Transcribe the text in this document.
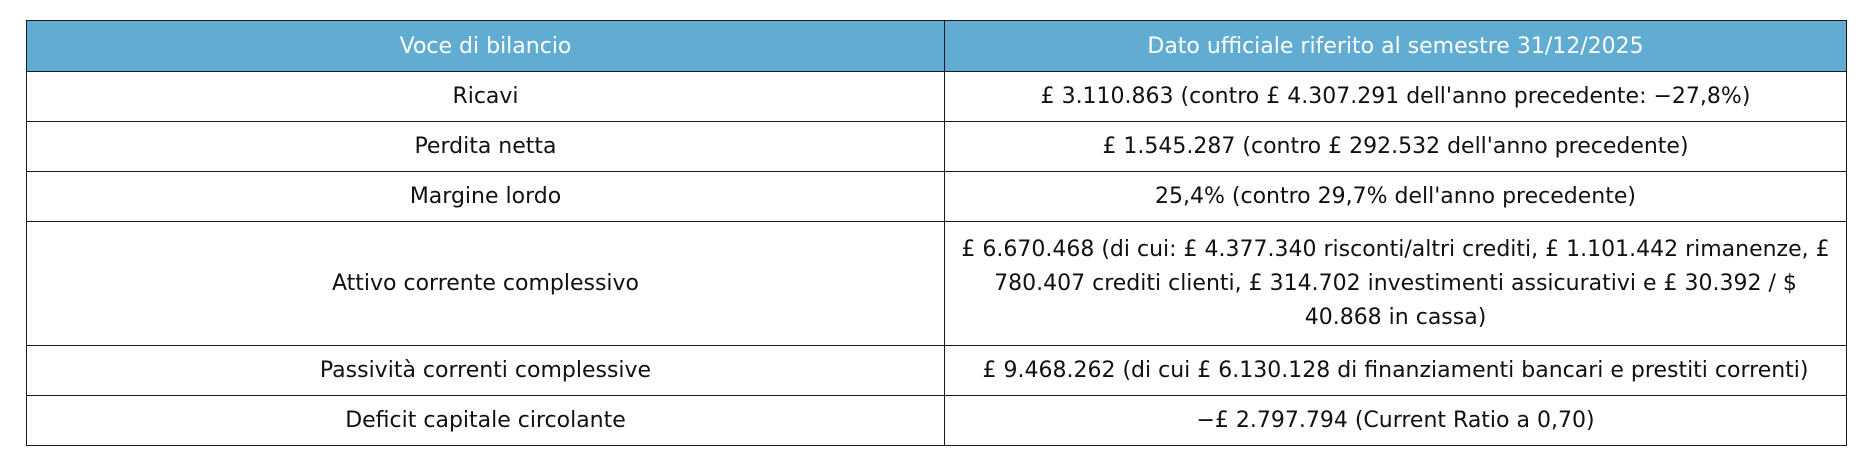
Voce di bilancio	Dato ufficiale riferito al semestre 31/12/2025
Ricavi	£ 3.110.863 (contro £ 4.307.291 dell'anno precedente: −27,8%)
Perdita netta	£ 1.545.287 (contro £ 292.532 dell'anno precedente)
Margine lordo	25,4% (contro 29,7% dell'anno precedente)
Attivo corrente complessivo	£ 6.670.468 (di cui: £ 4.377.340 risconti/altri crediti, £ 1.101.442 rimanenze, £ 780.407 crediti clienti, £ 314.702 investimenti assicurativi e £ 30.392 / $ 40.868 in cassa)
Passività correnti complessive	£ 9.468.262 (di cui £ 6.130.128 di finanziamenti bancari e prestiti correnti)
Deficit capitale circolante	−£ 2.797.794 (Current Ratio a 0,70)
